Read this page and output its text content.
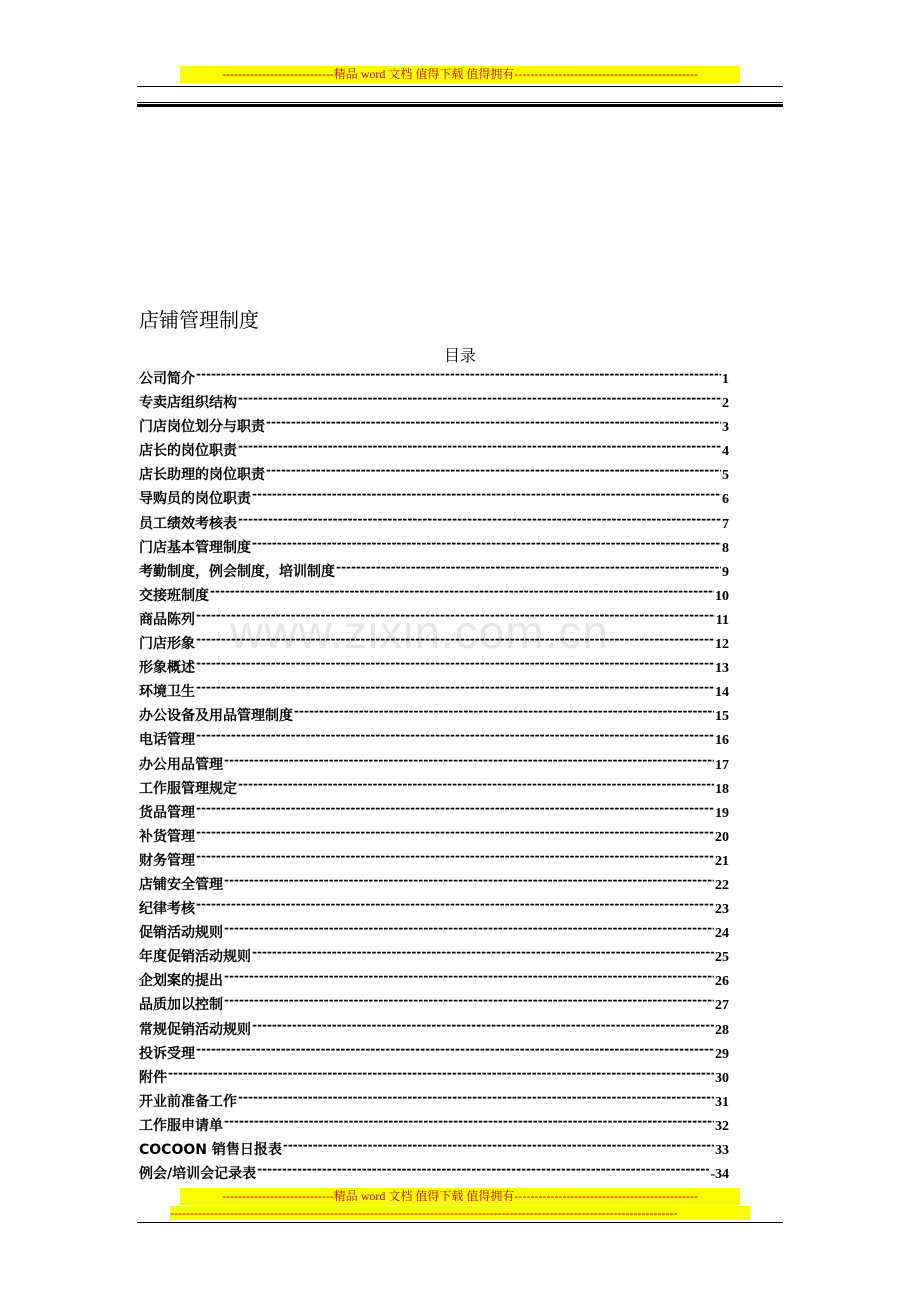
----------------------------精品 word 文档 值得下载 值得拥有----------------------------------------------
www.zixin.com.cn
店铺管理制度
目录
公司简介 -----	1
专卖店组织结构 -----	2
门店岗位划分与职责 -----	3
店长的岗位职责 -----	4
店长助理的岗位职责 -----	5
导购员的岗位职责 -----	6
员工绩效考核表 -----	7
门店基本管理制度 -----	8
考勤制度，例会制度，培训制度 -----	9
交接班制度 -----	10
商品陈列 -----	11
门店形象 -----	12
形象概述 -----	13
环境卫生 -----	14
办公设备及用品管理制度 -----	15
电话管理 -----	16
办公用品管理 -----	17
工作服管理规定 -----	18
货品管理 -----	19
补货管理 -----	20
财务管理 -----	21
店铺安全管理 -----	22
纪律考核 -----	23
促销活动规则 -----	24
年度促销活动规则 -----	25
企划案的提出 -----	26
品质加以控制 -----	27
常规促销活动规则 -----	28
投诉受理 -----	29
附件 -----	30
开业前准备工作 -----	31
工作服申请单 -----	32
COCOON 销售日报表 -----	33
例会/培训会记录表 -----	-34
----------------------------精品 word 文档 值得下载 值得拥有----------------------------------------------
-------------------------------------------------------------------------------------------------------------------------------
